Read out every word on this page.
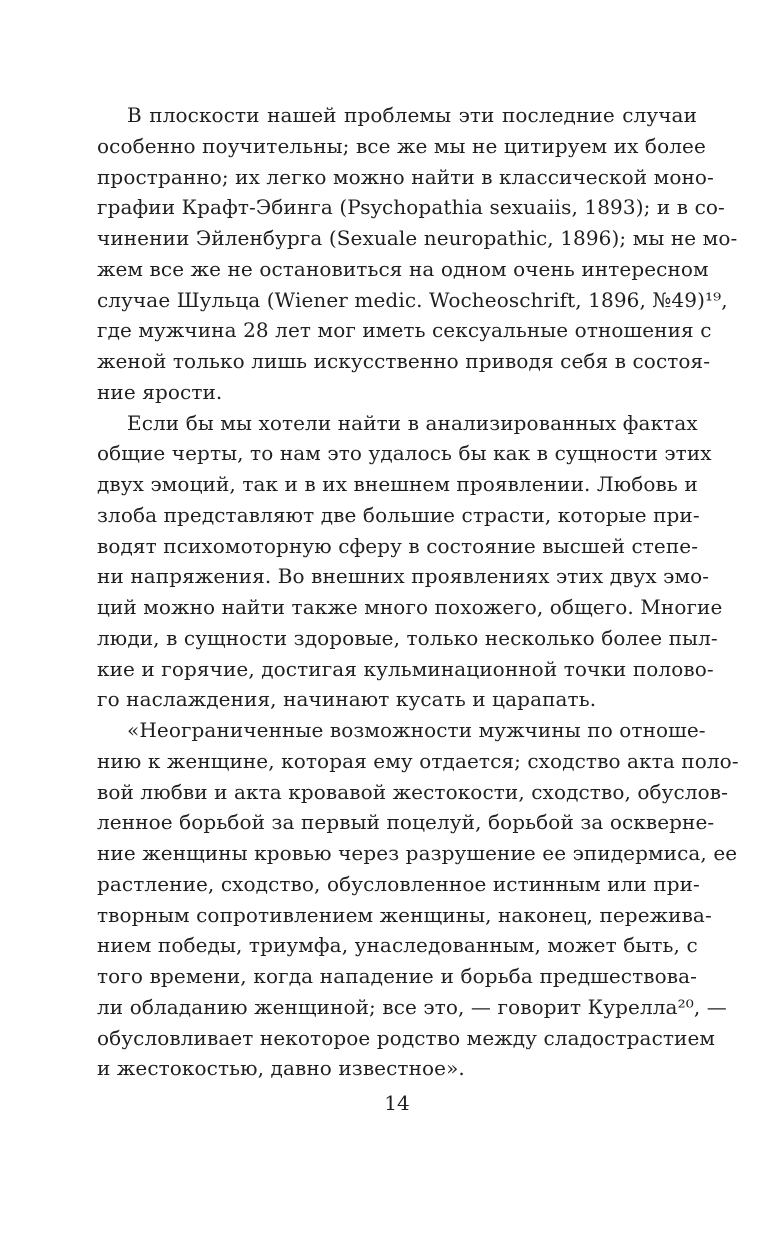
В плоскости нашей проблемы эти последние случаи
особенно поучительны; все же мы не цитируем их более
пространно; их легко можно найти в классической моно-
графии Крафт-Эбинга (Psychopathia sexuaiis, 1893); и в со-
чинении Эйленбурга (Sexuale neuropathic, 1896); мы не мо-
жем все же не остановиться на одном очень интересном
случае Шульца (Wiener medic. Wocheoschrift, 1896, №49)¹⁹,
где мужчина 28 лет мог иметь сексуальные отношения с
женой только лишь искусственно приводя себя в состоя-
ние ярости.
Если бы мы хотели найти в анализированных фактах
общие черты, то нам это удалось бы как в сущности этих
двух эмоций, так и в их внешнем проявлении. Любовь и
злоба представляют две большие страсти, которые при-
водят психомоторную сферу в состояние высшей степе-
ни напряжения. Во внешних проявлениях этих двух эмо-
ций можно найти также много похожего, общего. Многие
люди, в сущности здоровые, только несколько более пыл-
кие и горячие, достигая кульминационной точки полово-
го наслаждения, начинают кусать и царапать.
«Неограниченные возможности мужчины по отноше-
нию к женщине, которая ему отдается; сходство акта поло-
вой любви и акта кровавой жестокости, сходство, обуслов-
ленное борьбой за первый поцелуй, борьбой за оскверне-
ние женщины кровью через разрушение ее эпидермиса, ее
растление, сходство, обусловленное истинным или при-
творным сопротивлением женщины, наконец, пережива-
нием победы, триумфа, унаследованным, может быть, с
того времени, когда нападение и борьба предшествова-
ли обладанию женщиной; все это, — говорит Курелла²⁰, —
обусловливает некоторое родство между сладострастием
и жестокостью, давно известное».
14
